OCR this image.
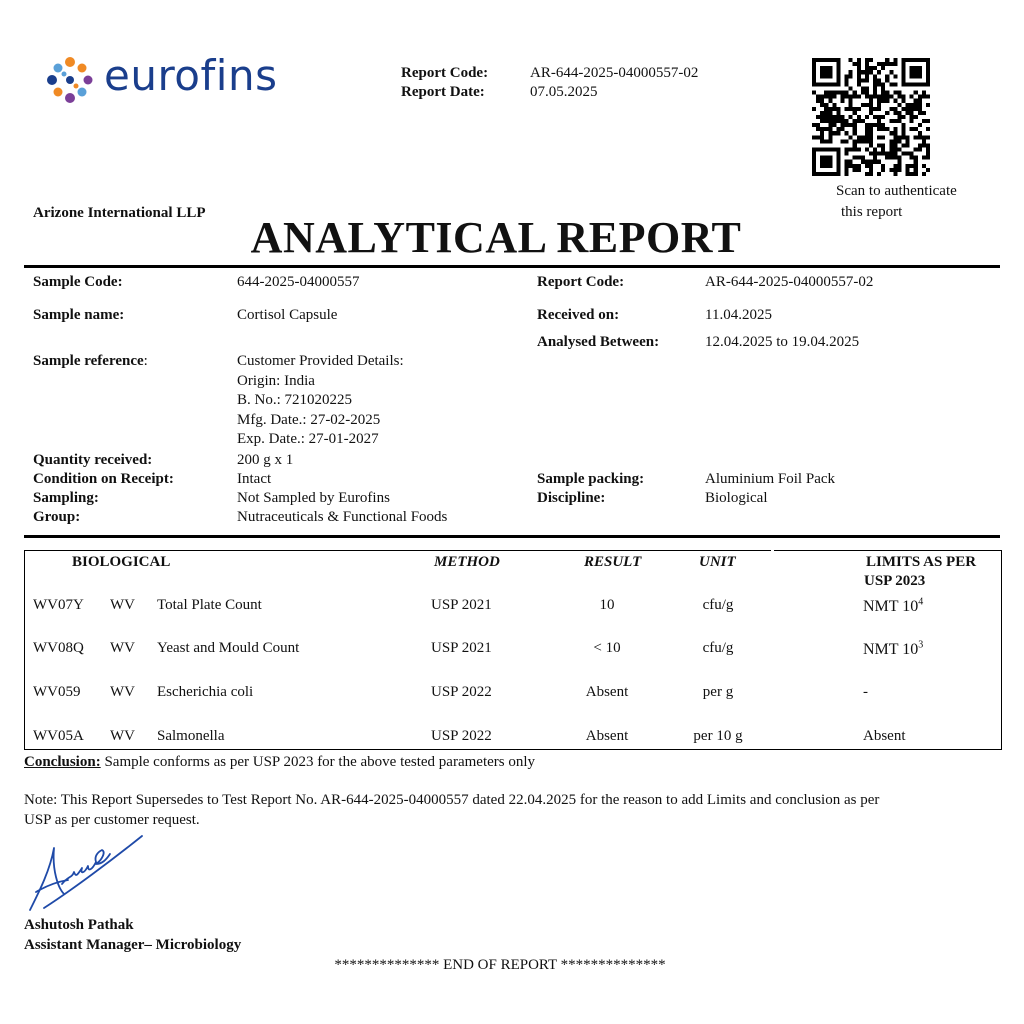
eurofins	Report Code:	AR-644-2025-04000557-02
Report Date:	07.05.2025
Scan to authenticate
this report
Arizone International LLP	ANALYTICAL REPORT
Sample Code:	644-2025-04000557	Report Code:	AR-644-2025-04000557-02
Sample name:	Cortisol Capsule	Received on:	11.04.2025
Analysed Between:	12.04.2025 to 19.04.2025
Sample reference:	Customer Provided Details:
Origin: India
B. No.: 721020225
Mfg. Date.: 27-02-2025
Exp. Date.: 27-01-2027
Quantity received:	200 g x 1
Condition on Receipt:	Intact	Sample packing:	Aluminium Foil Pack
Sampling:	Not Sampled by Eurofins	Discipline:	Biological
Group:	Nutraceuticals & Functional Foods
BIOLOGICAL	METHOD	RESULT	UNIT	LIMITS AS PER
USP 2023
WV07Y WV Total Plate Count	USP 2021	10	cfu/g	NMT $10^4$
WV08Q WV Yeast and Mould Count	USP 2021	< 10	cfu/g	NMT $10^3$
WV059 WV Escherichia coli	USP 2022	Absent	per g	-
WV05A WV Salmonella	USP 2022	Absent	per 10 g	Absent
Conclusion: Sample conforms as per USP 2023 for the above tested parameters only
Note: This Report Supersedes to Test Report No. AR-644-2025-04000557 dated 22.04.2025 for the reason to add Limits and conclusion as per
USP as per customer request.
Ashutosh
Ashutosh Pathak
Assistant Manager– Microbiology
************** END OF REPORT **************
